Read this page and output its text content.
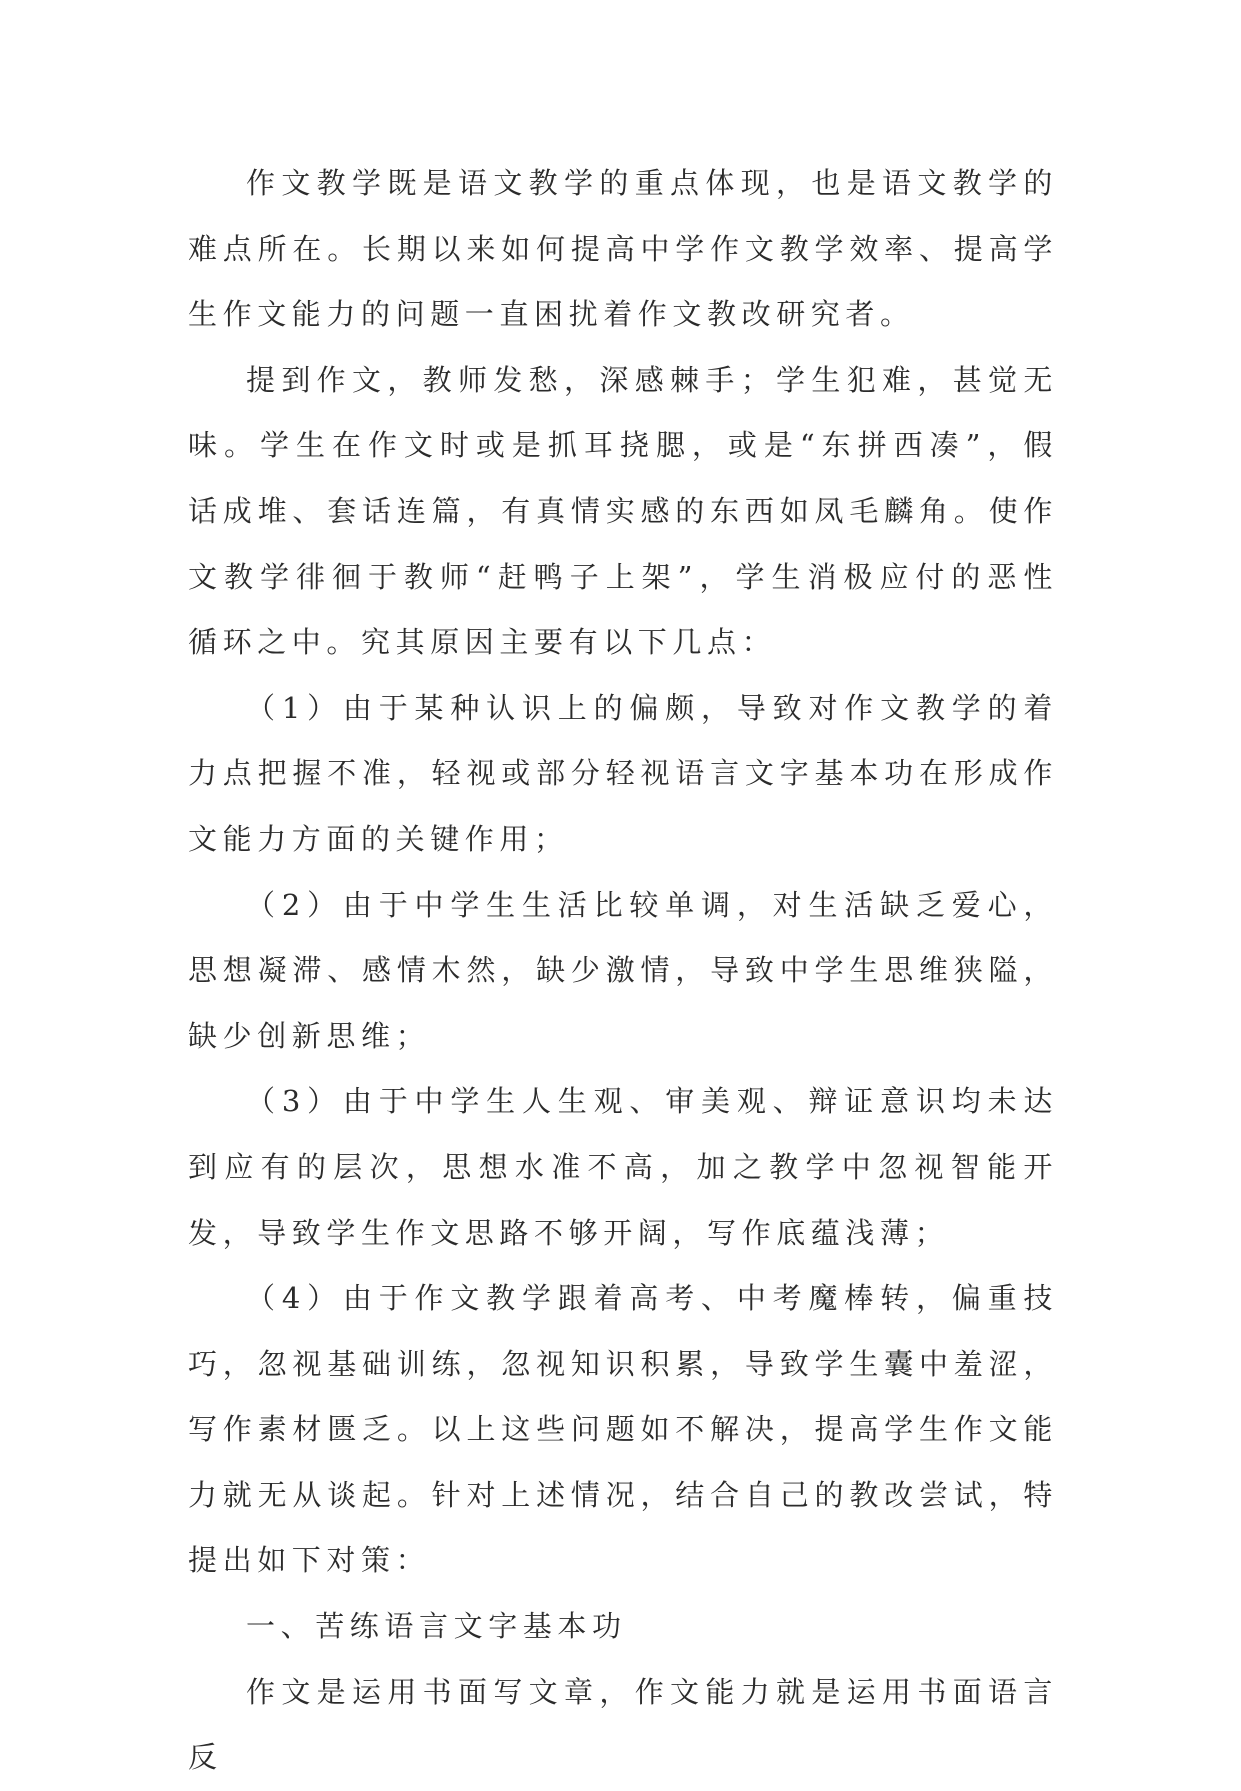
作文教学既是语文教学的重点体现，也是语文教学的难点所在。长期以来如何提高中学作文教学效率、提高学生作文能力的问题一直困扰着作文教改研究者。

提到作文，教师发愁，深感棘手；学生犯难，甚觉无味。学生在作文时或是抓耳挠腮，或是“东拼西凑”，假话成堆、套话连篇，有真情实感的东西如凤毛麟角。使作文教学徘徊于教师“赶鸭子上架”，学生消极应付的恶性循环之中。究其原因主要有以下几点：

（1）由于某种认识上的偏颇，导致对作文教学的着力点把握不准，轻视或部分轻视语言文字基本功在形成作文能力方面的关键作用；

（2）由于中学生生活比较单调，对生活缺乏爱心，思想凝滞、感情木然，缺少激情，导致中学生思维狭隘，缺少创新思维；

（3）由于中学生人生观、审美观、辩证意识均未达到应有的层次，思想水准不高，加之教学中忽视智能开发，导致学生作文思路不够开阔，写作底蕴浅薄；

（4）由于作文教学跟着高考、中考魔棒转，偏重技巧，忽视基础训练，忽视知识积累，导致学生囊中羞涩，写作素材匮乏。以上这些问题如不解决，提高学生作文能力就无从谈起。针对上述情况，结合自己的教改尝试，特提出如下对策：

一、苦练语言文字基本功

作文是运用书面写文章，作文能力就是运用书面语言反
